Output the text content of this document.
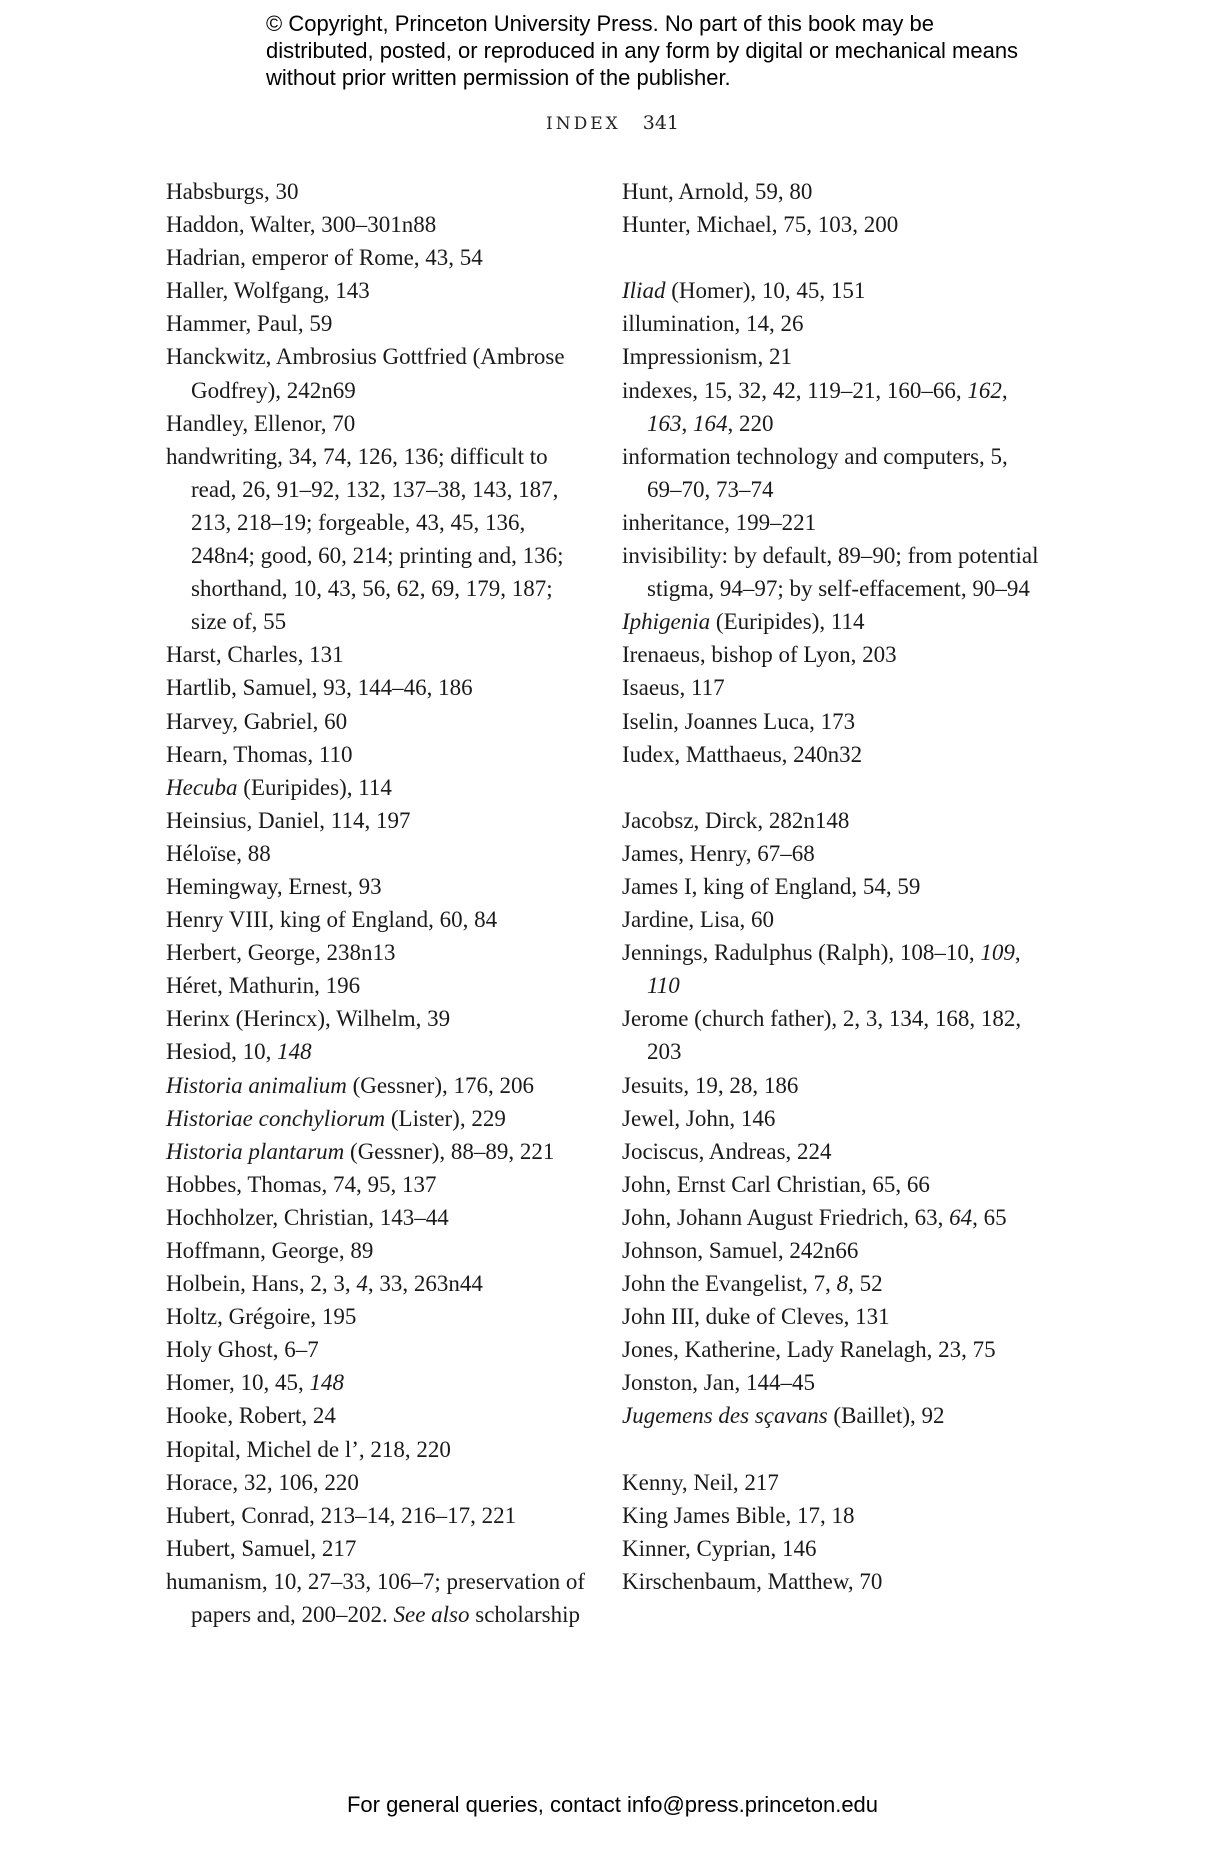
© Copyright, Princeton University Press. No part of this book may be distributed, posted, or reproduced in any form by digital or mechanical means without prior written permission of the publisher.
INDEX 341
Habsburgs, 30
Haddon, Walter, 300–301n88
Hadrian, emperor of Rome, 43, 54
Haller, Wolfgang, 143
Hammer, Paul, 59
Hanckwitz, Ambrosius Gottfried (Ambrose Godfrey), 242n69
Handley, Ellenor, 70
handwriting, 34, 74, 126, 136; difficult to read, 26, 91–92, 132, 137–38, 143, 187, 213, 218–19; forgeable, 43, 45, 136, 248n4; good, 60, 214; printing and, 136; shorthand, 10, 43, 56, 62, 69, 179, 187; size of, 55
Harst, Charles, 131
Hartlib, Samuel, 93, 144–46, 186
Harvey, Gabriel, 60
Hearn, Thomas, 110
Hecuba (Euripides), 114
Heinsius, Daniel, 114, 197
Héloïse, 88
Hemingway, Ernest, 93
Henry VIII, king of England, 60, 84
Herbert, George, 238n13
Héret, Mathurin, 196
Herinx (Herincx), Wilhelm, 39
Hesiod, 10, 148
Historia animalium (Gessner), 176, 206
Historiae conchyliorum (Lister), 229
Historia plantarum (Gessner), 88–89, 221
Hobbes, Thomas, 74, 95, 137
Hochholzer, Christian, 143–44
Hoffmann, George, 89
Holbein, Hans, 2, 3, 4, 33, 263n44
Holtz, Grégoire, 195
Holy Ghost, 6–7
Homer, 10, 45, 148
Hooke, Robert, 24
Hopital, Michel de l’, 218, 220
Horace, 32, 106, 220
Hubert, Conrad, 213–14, 216–17, 221
Hubert, Samuel, 217
humanism, 10, 27–33, 106–7; preservation of papers and, 200–202. See also scholarship
Hunt, Arnold, 59, 80
Hunter, Michael, 75, 103, 200
Iliad (Homer), 10, 45, 151
illumination, 14, 26
Impressionism, 21
indexes, 15, 32, 42, 119–21, 160–66, 162, 163, 164, 220
information technology and computers, 5, 69–70, 73–74
inheritance, 199–221
invisibility: by default, 89–90; from potential stigma, 94–97; by self-effacement, 90–94
Iphigenia (Euripides), 114
Irenaeus, bishop of Lyon, 203
Isaeus, 117
Iselin, Joannes Luca, 173
Iudex, Matthaeus, 240n32
Jacobsz, Dirck, 282n148
James, Henry, 67–68
James I, king of England, 54, 59
Jardine, Lisa, 60
Jennings, Radulphus (Ralph), 108–10, 109, 110
Jerome (church father), 2, 3, 134, 168, 182, 203
Jesuits, 19, 28, 186
Jewel, John, 146
Jociscus, Andreas, 224
John, Ernst Carl Christian, 65, 66
John, Johann August Friedrich, 63, 64, 65
Johnson, Samuel, 242n66
John the Evangelist, 7, 8, 52
John III, duke of Cleves, 131
Jones, Katherine, Lady Ranelagh, 23, 75
Jonston, Jan, 144–45
Jugemens des sçavans (Baillet), 92
Kenny, Neil, 217
King James Bible, 17, 18
Kinner, Cyprian, 146
Kirschenbaum, Matthew, 70
For general queries, contact info@press.princeton.edu
